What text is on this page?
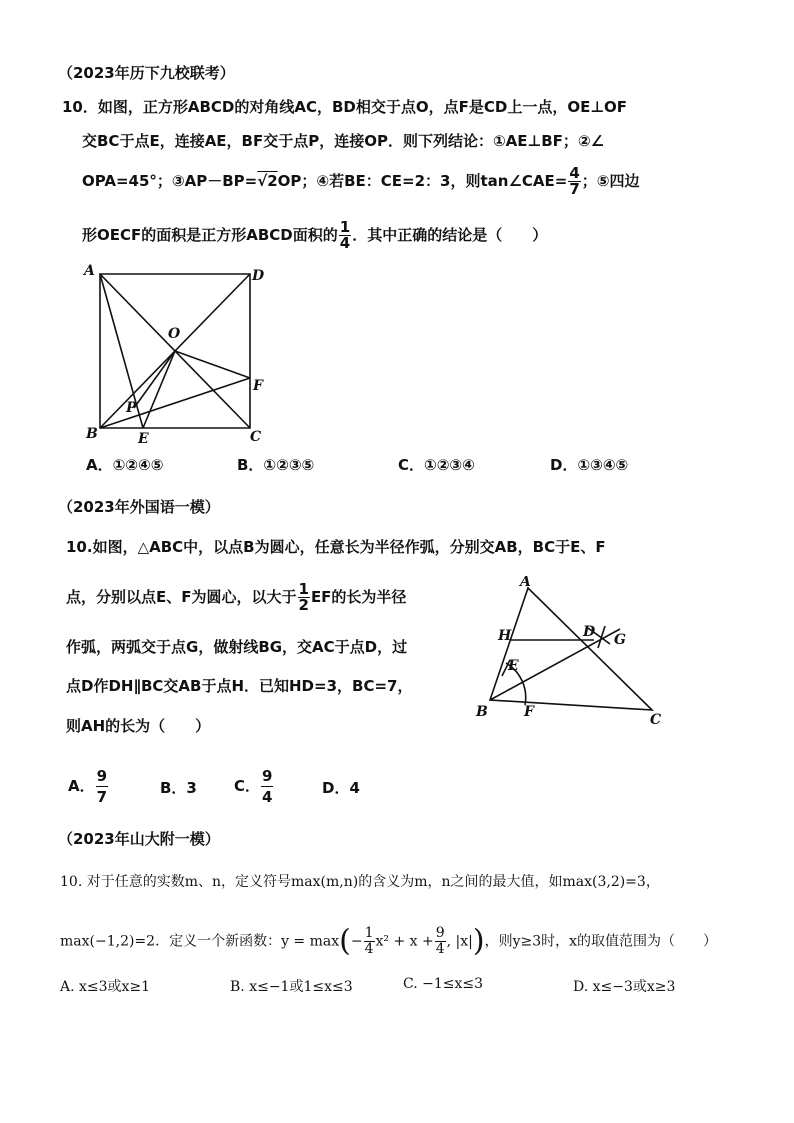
（2023年历下九校联考）
10．如图，正方形ABCD的对角线AC，BD相交于点O，点F是CD上一点，OE⊥OF
交BC于点E，连接AE，BF交于点P，连接OP．则下列结论：①AE⊥BF；②∠
OPA=45°；③AP－BP=√2OP；④若BE：CE=2：3，则tan∠CAE= $\frac{4}{7}$ ；⑤四边
形OECF的面积是正方形ABCD面积的 $\frac{1}{4}$ ．其中正确的结论是（　　）
A	D
O
F
P
B	E	C
A．①②④⑤	B．①②③⑤	C．①②③④	D．①③④⑤
（2023年外国语一模）
10.如图，△ABC中，以点B为圆心，任意长为半径作弧，分别交AB，BC于E、F
点，分别以点E、F为圆心，以大于 $\frac{1}{2}$ EF的长为半径
作弧，两弧交于点G，做射线BG，交AC于点D，过
点D作DH∥BC交AB于点H．已知HD=3，BC=7，
则AH的长为（　　）
A
H	D G
E
B	F	C
A． $\frac{9}{7}$	B．3 C． $\frac{9}{4}$	D．4
（2023年山大附一模）
10. 对于任意的实数m、n，定义符号max(m,n)的含义为m，n之间的最大值，如max(3,2)=3，
max(−1,2)=2．定义一个新函数：$y = \max(- \frac{1}{4} x^2 + x + \frac{9}{4}$ , |x|)，则y≥3时，x的取值范围为（　　）
A. x≤3或x≥1	B. x≤−1或1≤x≤3	C. −1≤x≤3	D. x≤−3或x≥3
